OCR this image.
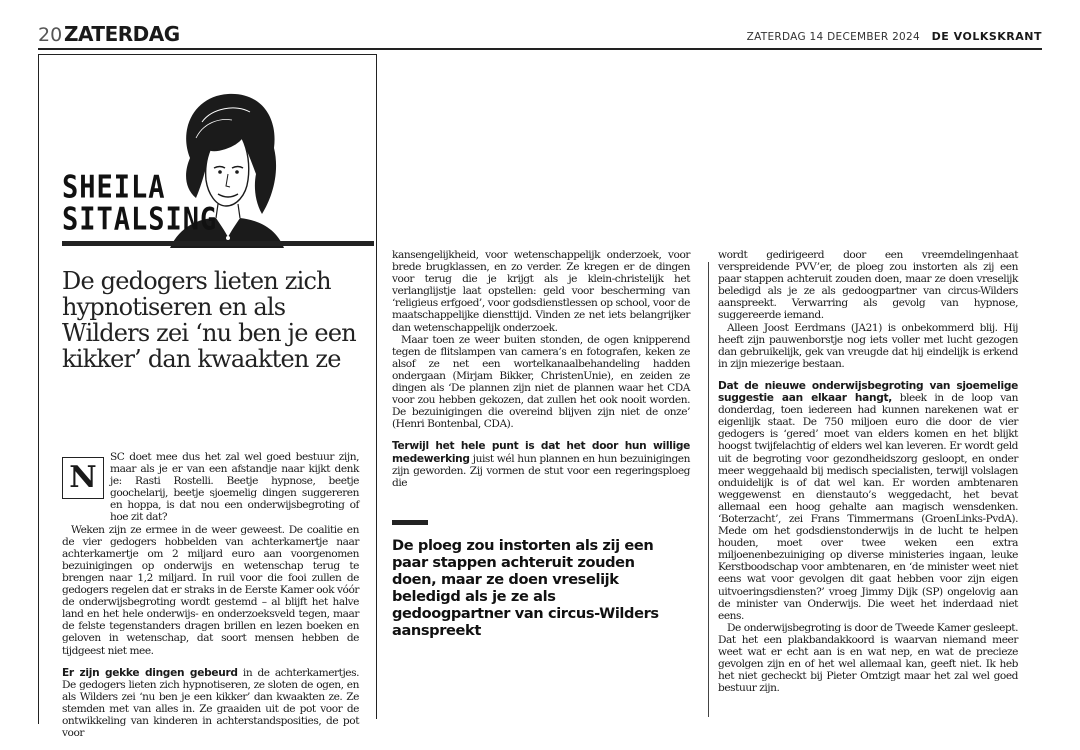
20 ZATERDAG	ZATERDAG 14 DECEMBER 2024 DE VOLKSKRANT
SHEILA
SITALSING
De gedogers lieten zich hypnotiseren en als Wilders zei ‘nu ben je een kikker’ dan kwaakten ze
N

SC doet mee dus het zal wel goed bestuur zijn, maar als je er van een afstandje naar kijkt denk je: Rasti Rostelli. Beetje hypnose, beetje goochelarij, beetje sjoemelig dingen suggereren en hoppa, is dat nou een onderwijsbegroting of hoe zit dat?

Weken zijn ze ermee in de weer geweest. De coalitie en de vier gedogers hobbelden van achterkamertje naar achterkamertje om 2 miljard euro aan voorgenomen bezuinigingen op onderwijs en wetenschap terug te brengen naar 1,2 miljard. In ruil voor die fooi zullen de gedogers regelen dat er straks in de Eerste Kamer ook vóór de onderwijsbegroting wordt gestemd – al blijft het halve land en het hele onderwijs- en onderzoeksveld tegen, maar de felste tegenstanders dragen brillen en lezen boeken en geloven in wetenschap, dat soort mensen hebben de tijdgeest niet mee.

Er zijn gekke dingen gebeurd in de achterkamertjes. De gedogers lieten zich hypnotiseren, ze sloten de ogen, en als Wilders zei ‘nu ben je een kikker’ dan kwaakten ze. Ze stemden met van alles in. Ze graaiden uit de pot voor de ontwikkeling van kinderen in achterstandsposities, de pot voor

kansengelijkheid, voor wetenschappelijk onderzoek, voor brede brugklassen, en zo verder. Ze kregen er de dingen voor terug die je krijgt als je klein-christelijk het verlanglijstje laat opstellen: geld voor bescherming van ‘religieus erfgoed’, voor godsdienstlessen op school, voor de maatschappelijke diensttijd. Vinden ze net iets belangrijker dan wetenschappelijk onderzoek.

Maar toen ze weer buiten stonden, de ogen knipperend tegen de flitslampen van camera’s en fotografen, keken ze alsof ze net een wortelkanaalbehandeling hadden ondergaan (Mirjam Bikker, ChristenUnie), en zeiden ze dingen als ‘De plannen zijn niet de plannen waar het CDA voor zou hebben gekozen, dat zullen het ook nooit worden. De bezuinigingen die overeind blijven zijn niet de onze’ (Henri Bontenbal, CDA).

Terwijl het hele punt is dat het door hun willige medewerking juist wél hun plannen en hun bezuinigingen zijn geworden. Zij vormen de stut voor een regeringsploeg die

De ploeg zou instorten als zij een paar stappen achteruit zouden doen, maar ze doen vreselijk beledigd als je ze als gedoogpartner van circus-Wilders aanspreekt

wordt gedirigeerd door een vreemdelingenhaat verspreidende PVV’er, de ploeg zou instorten als zij een paar stappen achteruit zouden doen, maar ze doen vreselijk beledigd als je ze als gedoogpartner van circus-Wilders aanspreekt. Verwarring als gevolg van hypnose, suggereerde iemand.

Alleen Joost Eerdmans (JA21) is onbekommerd blij. Hij heeft zijn pauwenborstje nog iets voller met lucht gezogen dan gebruikelijk, gek van vreugde dat hij eindelijk is erkend in zijn miezerige bestaan.

Dat de nieuwe onderwijsbegroting van sjoemelige suggestie aan elkaar hangt, bleek in de loop van donderdag, toen iedereen had kunnen narekenen wat er eigenlijk staat. De 750 miljoen euro die door de vier gedogers is ‘gered’ moet van elders komen en het blijkt hoogst twijfelachtig of elders wel kan leveren. Er wordt geld uit de begroting voor gezondheidszorg gesloopt, en onder meer weggehaald bij medisch specialisten, terwijl volslagen onduidelijk is of dat wel kan. Er worden ambtenaren weggewenst en dienstauto’s weggedacht, het bevat allemaal een hoog gehalte aan magisch wensdenken. ‘Boterzacht’, zei Frans Timmermans (GroenLinks-PvdA). Mede om het godsdienstonderwijs in de lucht te helpen houden, moet over twee weken een extra miljoenenbezuiniging op diverse ministeries ingaan, leuke Kerstboodschap voor ambtenaren, en ‘de minister weet niet eens wat voor gevolgen dit gaat hebben voor zijn eigen uitvoeringsdiensten?’ vroeg Jimmy Dijk (SP) ongelovig aan de minister van Onderwijs. Die weet het inderdaad niet eens.

De onderwijsbegroting is door de Tweede Kamer gesleept. Dat het een plakbandakkoord is waarvan niemand meer weet wat er echt aan is en wat nep, en wat de precieze gevolgen zijn en of het wel allemaal kan, geeft niet. Ik heb het niet gecheckt bij Pieter Omtzigt maar het zal wel goed bestuur zijn.
